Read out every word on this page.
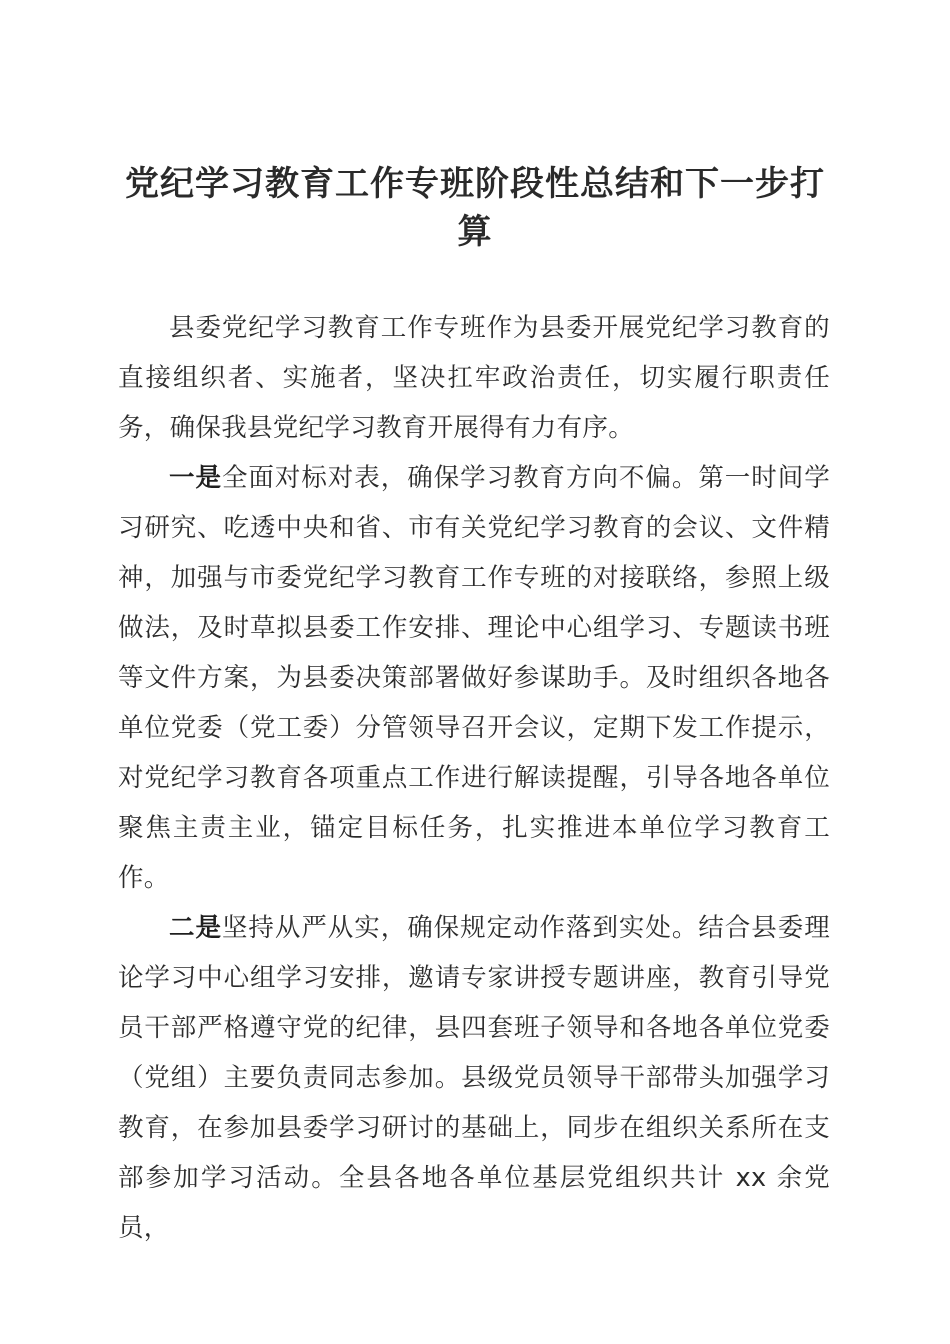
党纪学习教育工作专班阶段性总结和下一步打算

县委党纪学习教育工作专班作为县委开展党纪学习教育的直接组织者、实施者，坚决扛牢政治责任，切实履行职责任务，确保我县党纪学习教育开展得有力有序。

一是全面对标对表，确保学习教育方向不偏。第一时间学习研究、吃透中央和省、市有关党纪学习教育的会议、文件精神，加强与市委党纪学习教育工作专班的对接联络，参照上级做法，及时草拟县委工作安排、理论中心组学习、专题读书班等文件方案，为县委决策部署做好参谋助手。及时组织各地各单位党委（党工委）分管领导召开会议，定期下发工作提示，对党纪学习教育各项重点工作进行解读提醒，引导各地各单位聚焦主责主业，锚定目标任务，扎实推进本单位学习教育工作。

二是坚持从严从实，确保规定动作落到实处。结合县委理论学习中心组学习安排，邀请专家讲授专题讲座，教育引导党员干部严格遵守党的纪律，县四套班子领导和各地各单位党委（党组）主要负责同志参加。县级党员领导干部带头加强学习教育，在参加县委学习研讨的基础上，同步在组织关系所在支部参加学习活动。全县各地各单位基层党组织共计 xx 余党员，
